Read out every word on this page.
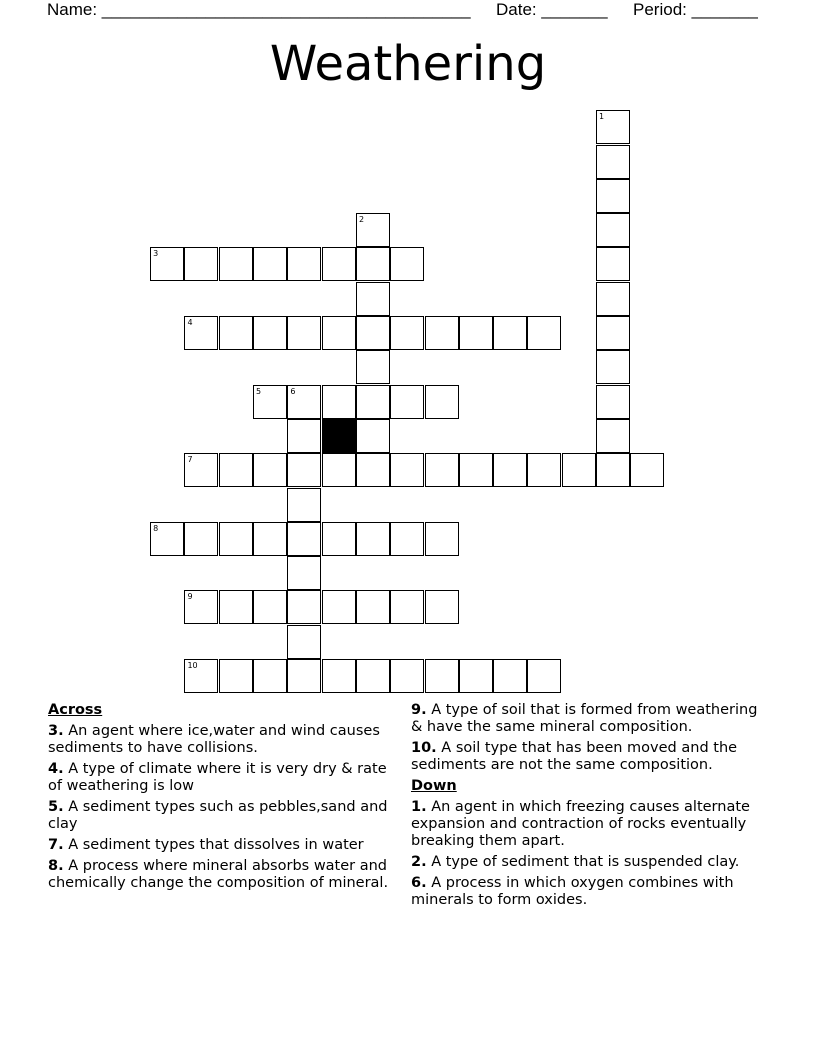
Name: _______________________________________ Date: _______ Period: _______
Weathering
1
2
3
4
5	6
7
8
9
10
Across
3. An agent where ice,water and wind causes sediments to have collisions.
4. A type of climate where it is very dry & rate of weathering is low
5. A sediment types such as pebbles,sand and clay
7. A sediment types that dissolves in water
8. A process where mineral absorbs water and chemically change the composition of mineral.
9. A type of soil that is formed from weathering & have the same mineral composition.
10. A soil type that has been moved and the sediments are not the same composition.
Down
1. An agent in which freezing causes alternate expansion and contraction of rocks eventually breaking them apart.
2. A type of sediment that is suspended clay.
6. A process in which oxygen combines with minerals to form oxides.
